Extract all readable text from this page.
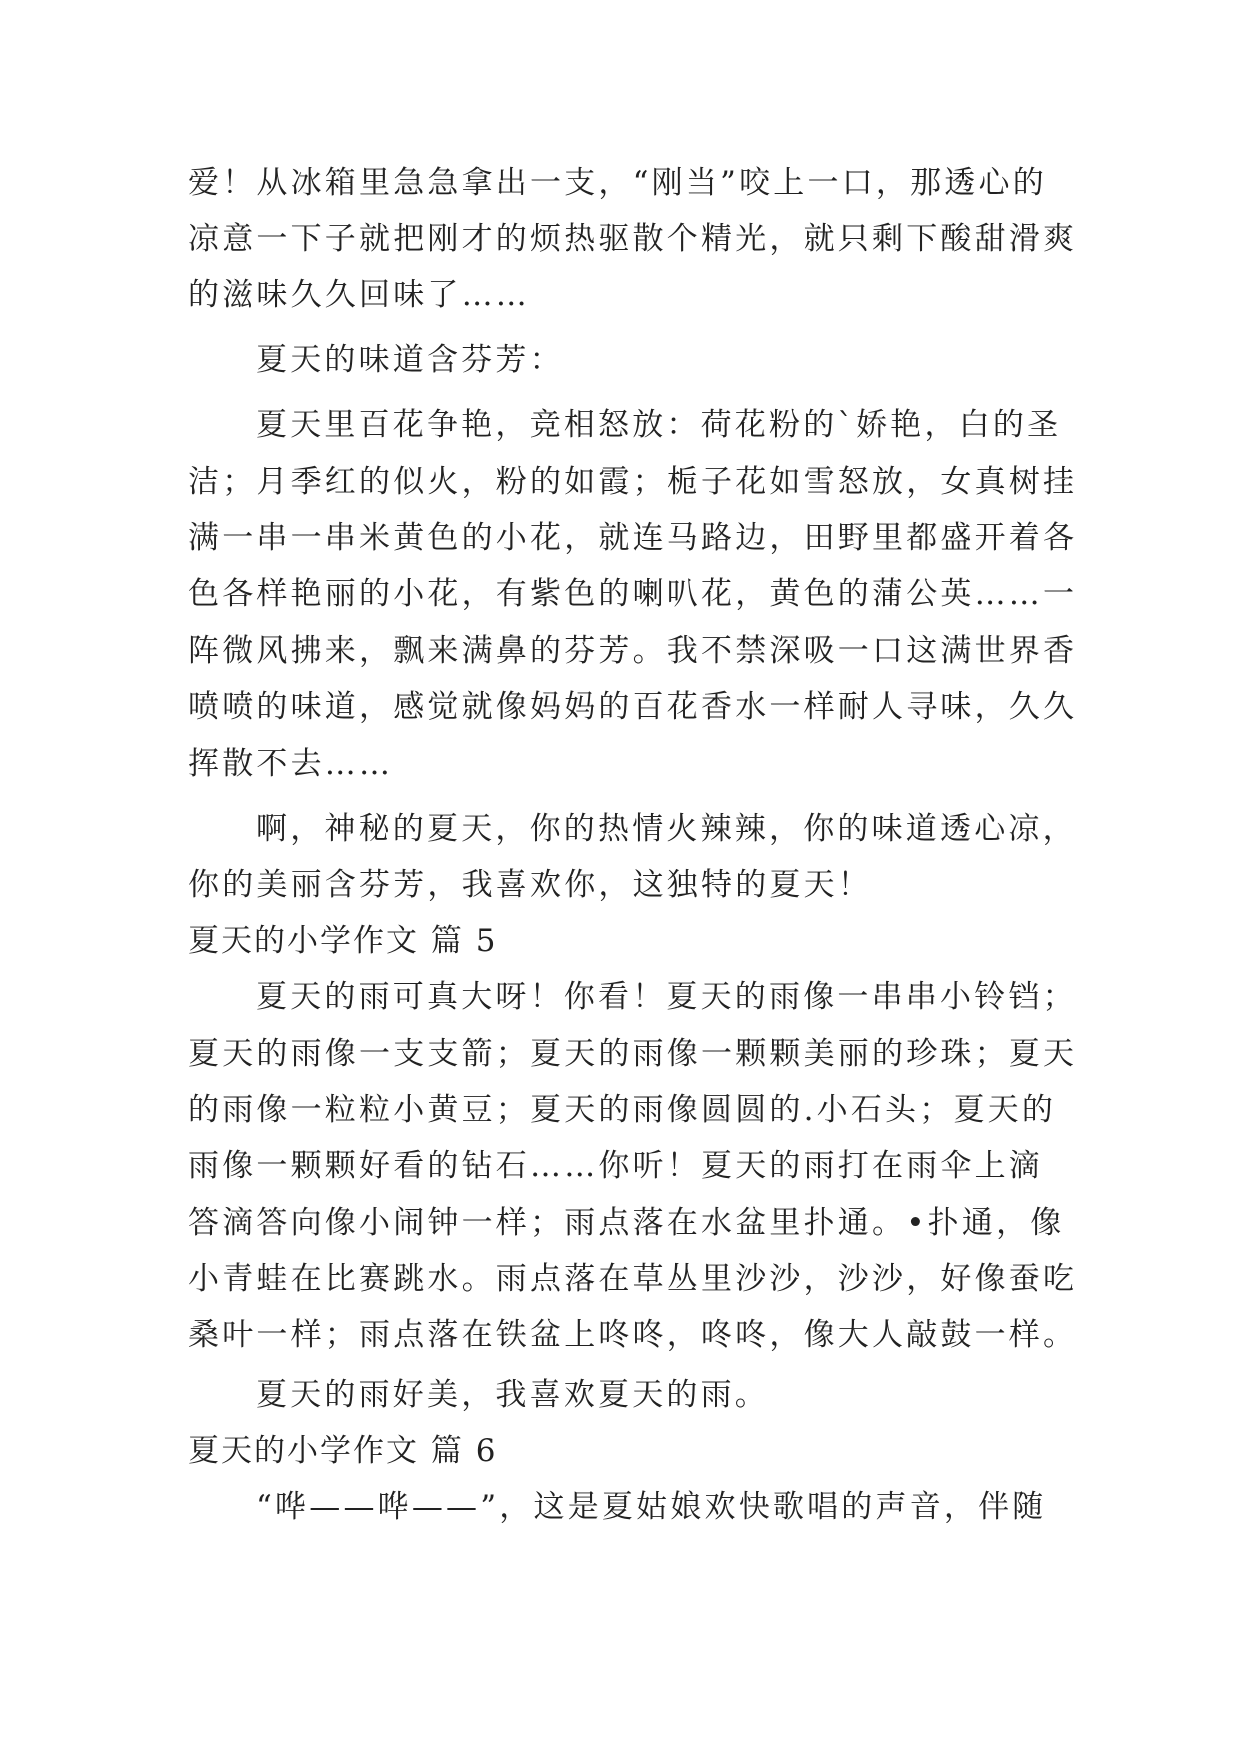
爱！从冰箱里急急拿出一支，“刚当”咬上一口，那透心的
凉意一下子就把刚才的烦热驱散个精光，就只剩下酸甜滑爽
的滋味久久回味了……
夏天的味道含芬芳：
夏天里百花争艳，竞相怒放：荷花粉的`娇艳，白的圣
洁；月季红的似火，粉的如霞；栀子花如雪怒放，女真树挂
满一串一串米黄色的小花，就连马路边，田野里都盛开着各
色各样艳丽的小花，有紫色的喇叭花，黄色的蒲公英……一
阵微风拂来，飘来满鼻的芬芳。我不禁深吸一口这满世界香
喷喷的味道，感觉就像妈妈的百花香水一样耐人寻味，久久
挥散不去……
啊，神秘的夏天，你的热情火辣辣，你的味道透心凉，
你的美丽含芬芳，我喜欢你，这独特的夏天！
夏天的小学作文 篇 5
夏天的雨可真大呀！你看！夏天的雨像一串串小铃铛；
夏天的雨像一支支箭；夏天的雨像一颗颗美丽的珍珠；夏天
的雨像一粒粒小黄豆；夏天的雨像圆圆的.小石头；夏天的
雨像一颗颗好看的钻石……你听！夏天的雨打在雨伞上滴
答滴答向像小闹钟一样；雨点落在水盆里扑通。•扑通，像
小青蛙在比赛跳水。雨点落在草丛里沙沙，沙沙，好像蚕吃
桑叶一样；雨点落在铁盆上咚咚，咚咚，像大人敲鼓一样。
夏天的雨好美，我喜欢夏天的雨。
夏天的小学作文 篇 6
“哗——哗——”，这是夏姑娘欢快歌唱的声音，伴随
